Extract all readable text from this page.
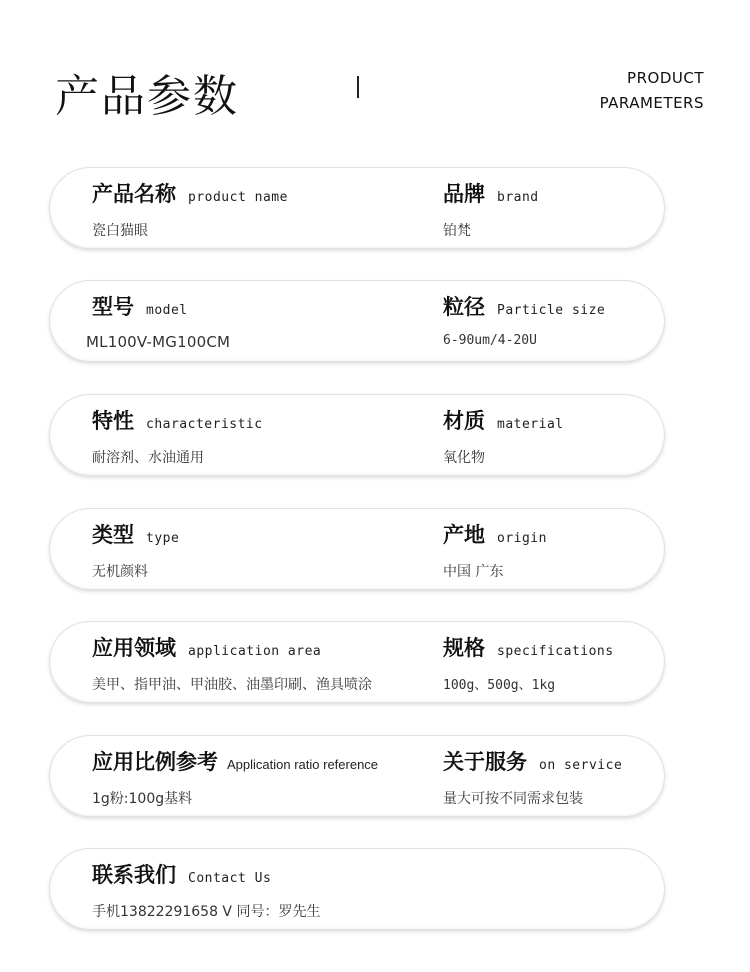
产品参数	PRODUCT
PARAMETERS
产品名称 product name
瓷白猫眼
品牌 brand
铂梵
型号 model
ML100V-MG100CM
粒径 Particle size
6-90um/4-20U
特性 characteristic
耐溶剂、水油通用
材质 material
氧化物
类型 type
无机颜料
产地 origin
中国 广东
应用领域 application area
美甲、指甲油、甲油胶、油墨印刷、渔具喷涂
规格 specifications
100g、500g、1kg
应用比例参考 Application ratio reference
1g粉:100g基料
关于服务 on service
量大可按不同需求包装
联系我们 Contact Us
手机13822291658 V 同号：罗先生
